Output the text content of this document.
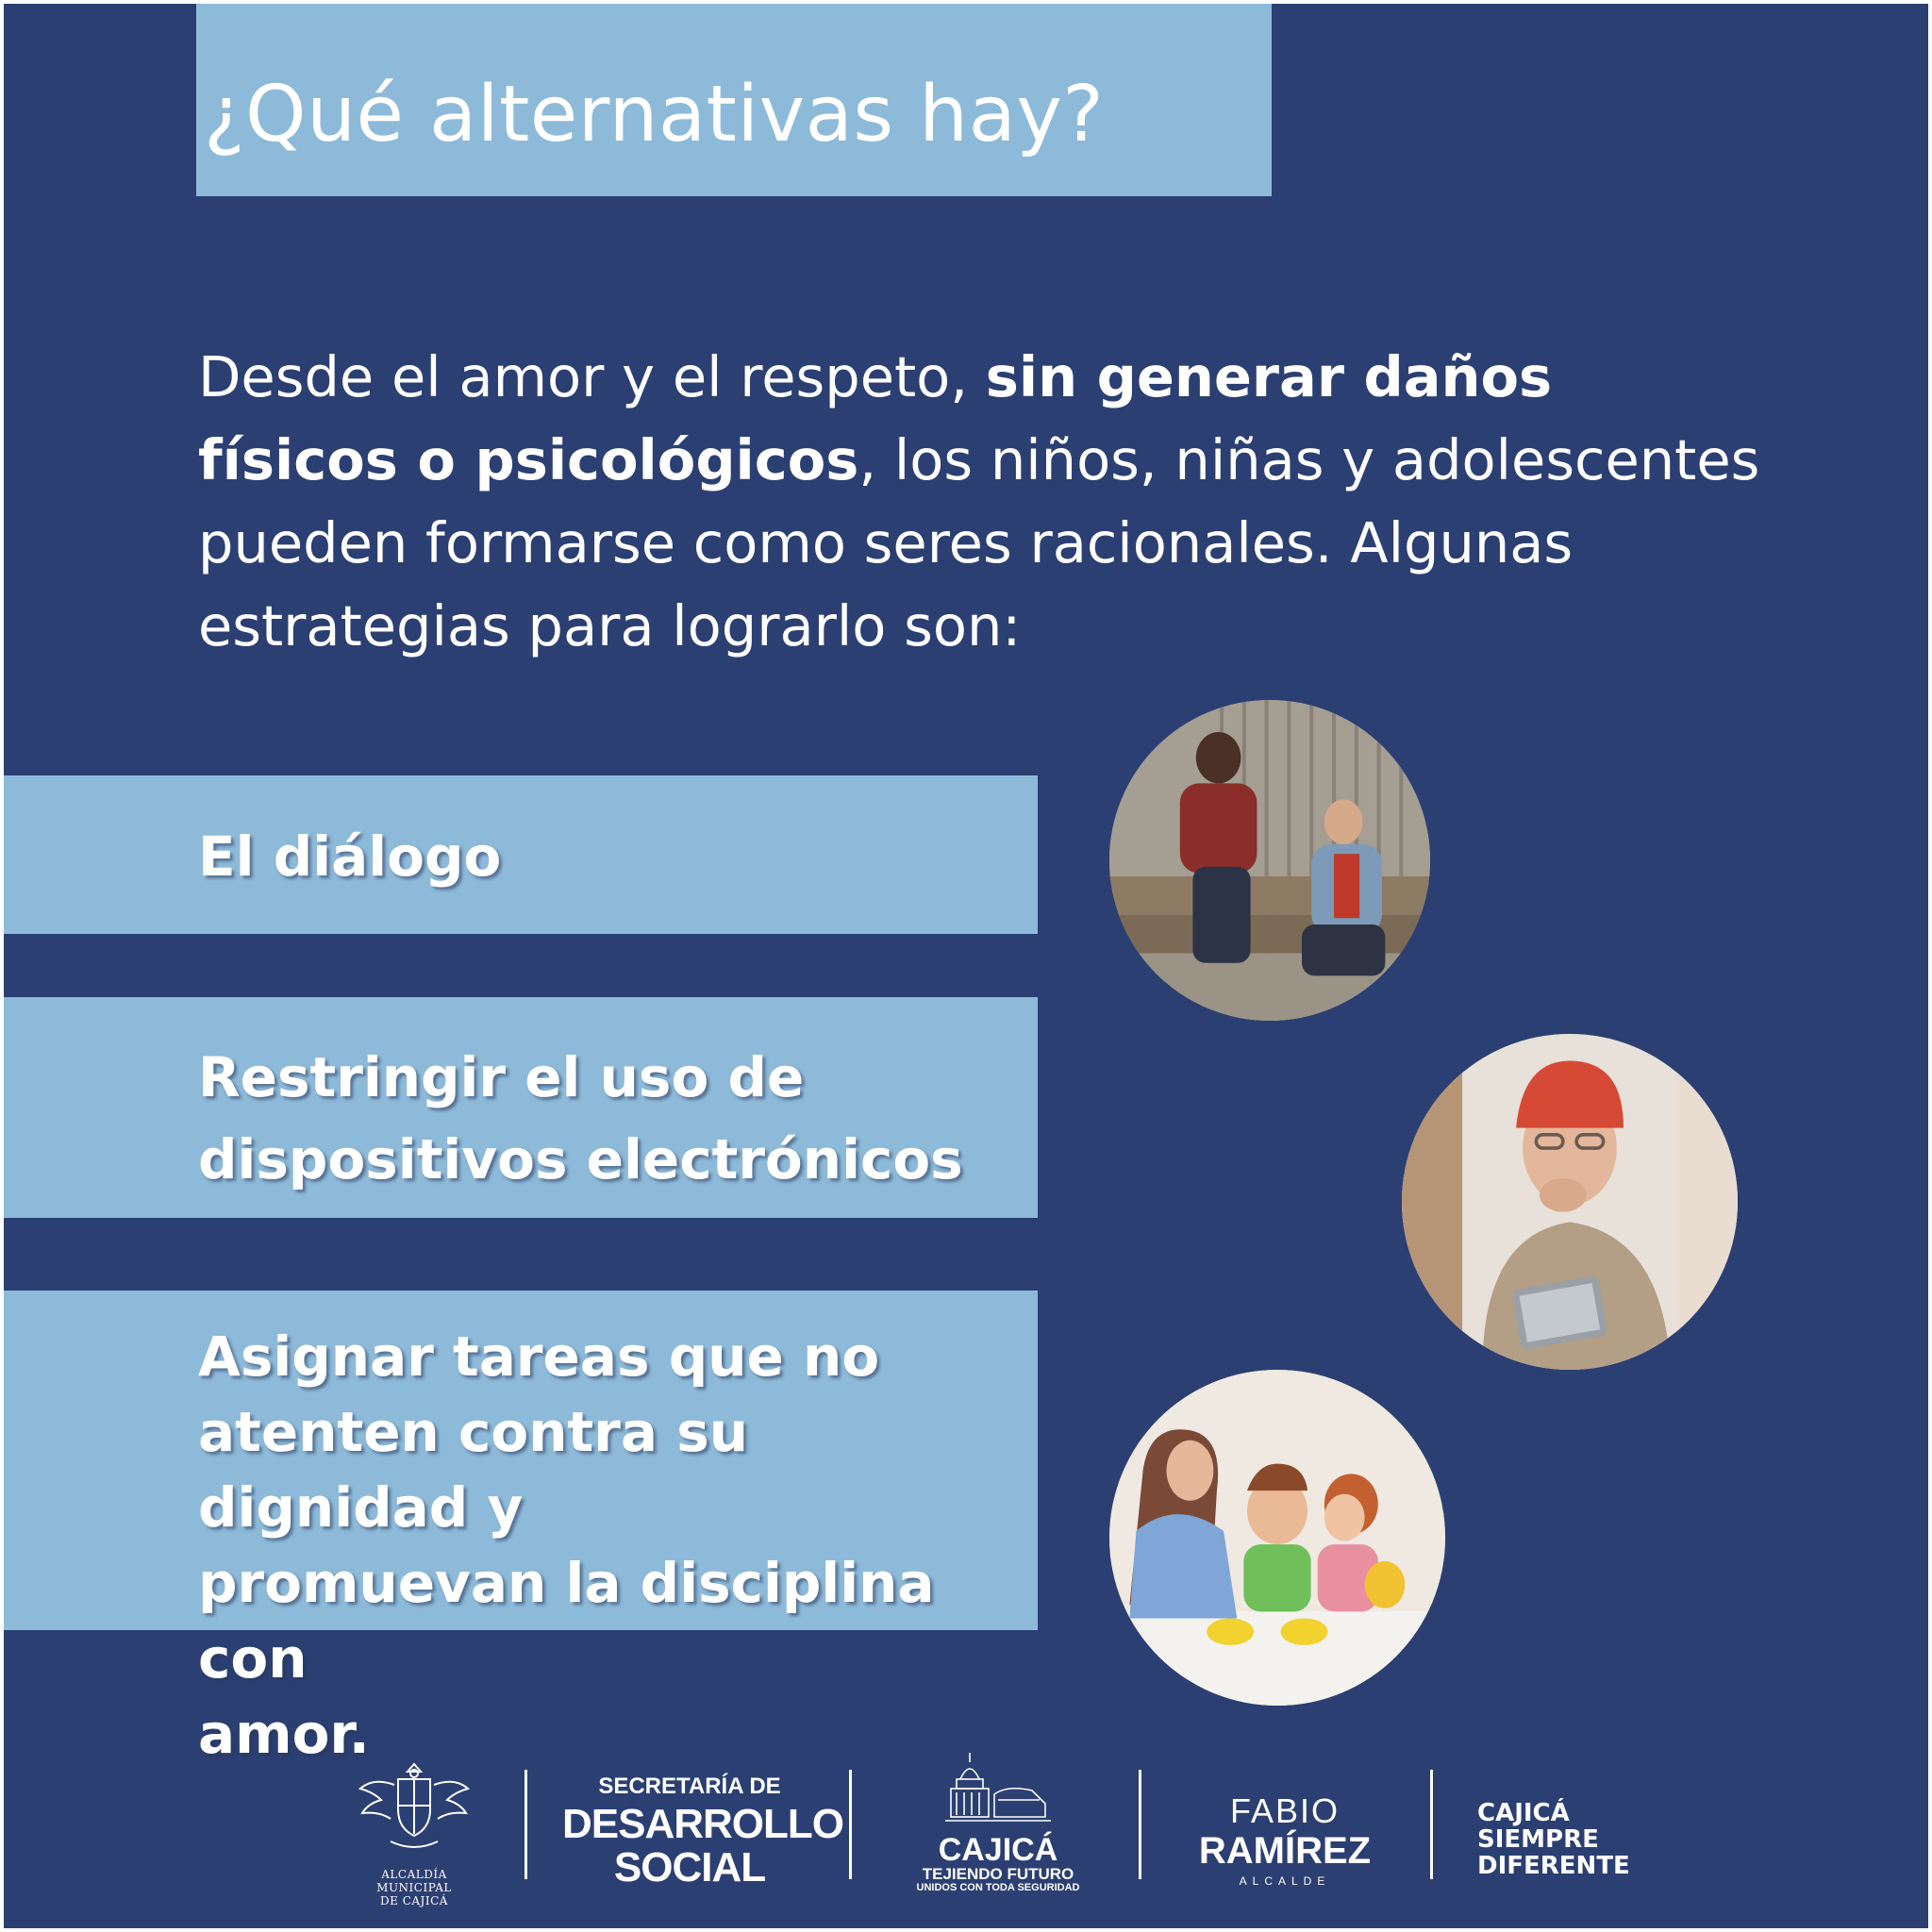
¿Qué alternativas hay?
Desde el amor y el respeto, sin generar daños físicos o psicológicos, los niños, niñas y adolescentes pueden formarse como seres racionales. Algunas estrategias para lograrlo son:
El diálogo
Restringir el uso de
dispositivos electrónicos
Asignar tareas que no
atenten contra su dignidad y
promuevan la disciplina con
amor.
ALCALDÍA MUNICIPAL
DE CAJICÁ
SECRETARÍA DE
DESARROLLO
SOCIAL	CAJICÁ
TEJIENDO FUTURO
UNIDOS CON TODA SEGURIDAD
FABIO
RAMÍREZ
ALCALDE
CAJICÁ
SIEMPRE
DIFERENTE
